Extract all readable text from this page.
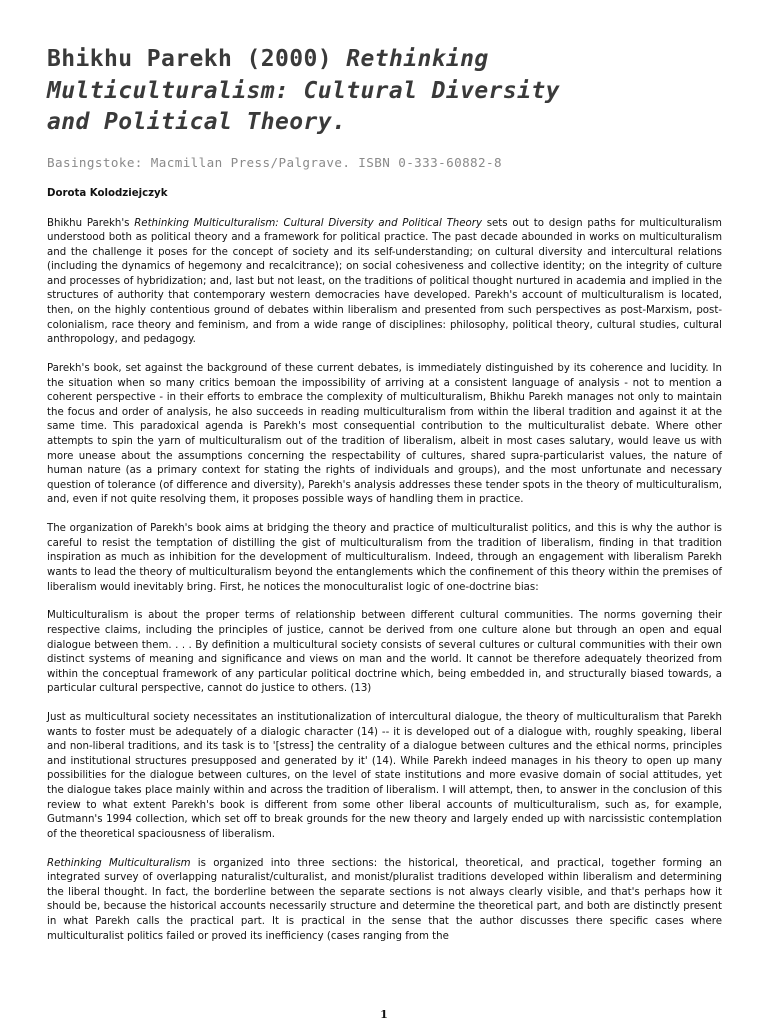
Bhikhu Parekh (2000) Rethinking
Multiculturalism: Cultural Diversity
and Political Theory.
Basingstoke: Macmillan Press/Palgrave. ISBN 0-333-60882-8
Dorota Kolodziejczyk

Bhikhu Parekh's Rethinking Multiculturalism: Cultural Diversity and Political Theory sets out to design paths for multiculturalism understood both as political theory and a framework for political practice. The past decade abounded in works on multiculturalism and the challenge it poses for the concept of society and its self-understanding; on cultural diversity and intercultural relations (including the dynamics of hegemony and recalcitrance); on social cohesiveness and collective identity; on the integrity of culture and processes of hybridization; and, last but not least, on the traditions of political thought nurtured in academia and implied in the structures of authority that contemporary western democracies have developed. Parekh's account of multiculturalism is located, then, on the highly contentious ground of debates within liberalism and presented from such perspectives as post-Marxism, post-colonialism, race theory and feminism, and from a wide range of disciplines: philosophy, political theory, cultural studies, cultural anthropology, and pedagogy.

Parekh's book, set against the background of these current debates, is immediately distinguished by its coherence and lucidity. In the situation when so many critics bemoan the impossibility of arriving at a consistent language of analysis - not to mention a coherent perspective - in their efforts to embrace the complexity of multiculturalism, Bhikhu Parekh manages not only to maintain the focus and order of analysis, he also succeeds in reading multiculturalism from within the liberal tradition and against it at the same time. This paradoxical agenda is Parekh's most consequential contribution to the multiculturalist debate. Where other attempts to spin the yarn of multiculturalism out of the tradition of liberalism, albeit in most cases salutary, would leave us with more unease about the assumptions concerning the respectability of cultures, shared supra-particularist values, the nature of human nature (as a primary context for stating the rights of individuals and groups), and the most unfortunate and necessary question of tolerance (of difference and diversity), Parekh's analysis addresses these tender spots in the theory of multiculturalism, and, even if not quite resolving them, it proposes possible ways of handling them in practice.

The organization of Parekh's book aims at bridging the theory and practice of multiculturalist politics, and this is why the author is careful to resist the temptation of distilling the gist of multiculturalism from the tradition of liberalism, finding in that tradition inspiration as much as inhibition for the development of multiculturalism. Indeed, through an engagement with liberalism Parekh wants to lead the theory of multiculturalism beyond the entanglements which the confinement of this theory within the premises of liberalism would inevitably bring. First, he notices the monoculturalist logic of one-doctrine bias:

Multiculturalism is about the proper terms of relationship between different cultural communities. The norms governing their respective claims, including the principles of justice, cannot be derived from one culture alone but through an open and equal dialogue between them. . . . By definition a multicultural society consists of several cultures or cultural communities with their own distinct systems of meaning and significance and views on man and the world. It cannot be therefore adequately theorized from within the conceptual framework of any particular political doctrine which, being embedded in, and structurally biased towards, a particular cultural perspective, cannot do justice to others. (13)

Just as multicultural society necessitates an institutionalization of intercultural dialogue, the theory of multiculturalism that Parekh wants to foster must be adequately of a dialogic character (14) -- it is developed out of a dialogue with, roughly speaking, liberal and non-liberal traditions, and its task is to '[stress] the centrality of a dialogue between cultures and the ethical norms, principles and institutional structures presupposed and generated by it' (14). While Parekh indeed manages in his theory to open up many possibilities for the dialogue between cultures, on the level of state institutions and more evasive domain of social attitudes, yet the dialogue takes place mainly within and across the tradition of liberalism. I will attempt, then, to answer in the conclusion of this review to what extent Parekh's book is different from some other liberal accounts of multiculturalism, such as, for example, Gutmann's 1994 collection, which set off to break grounds for the new theory and largely ended up with narcissistic contemplation of the theoretical spaciousness of liberalism.

Rethinking Multiculturalism is organized into three sections: the historical, theoretical, and practical, together forming an integrated survey of overlapping naturalist/culturalist, and monist/pluralist traditions developed within liberalism and determining the liberal thought. In fact, the borderline between the separate sections is not always clearly visible, and that's perhaps how it should be, because the historical accounts necessarily structure and determine the theoretical part, and both are distinctly present in what Parekh calls the practical part. It is practical in the sense that the author discusses there specific cases where multiculturalist politics failed or proved its inefficiency (cases ranging from the

1
